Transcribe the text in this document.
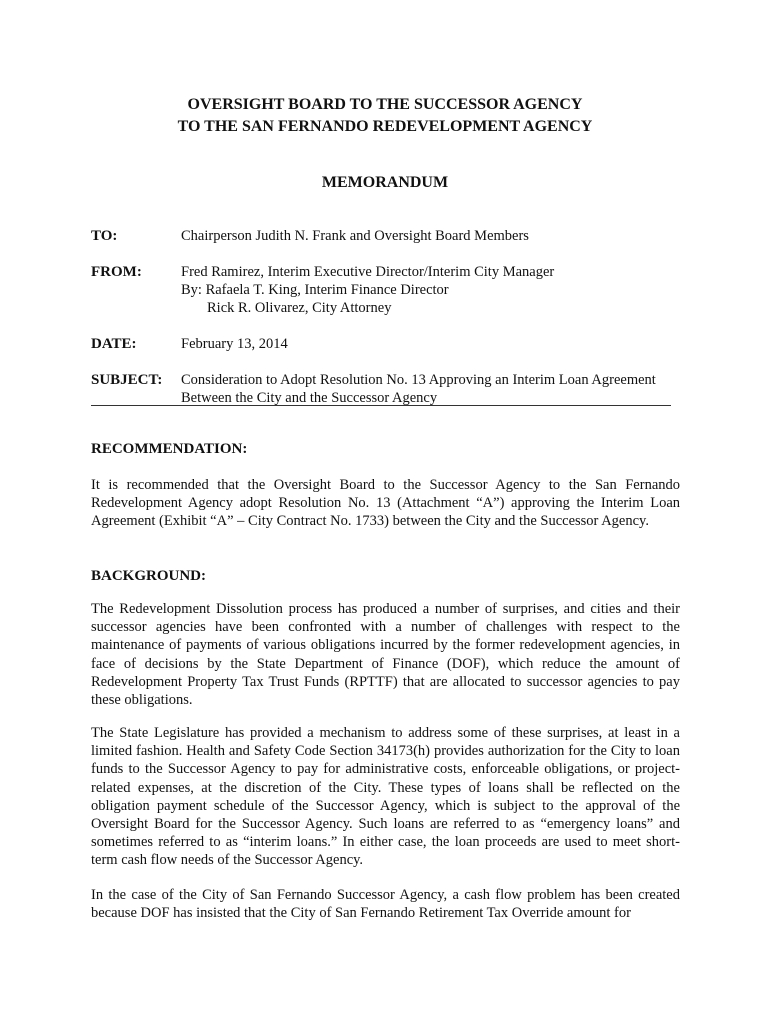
OVERSIGHT BOARD TO THE SUCCESSOR AGENCY
TO THE SAN FERNANDO REDEVELOPMENT AGENCY
MEMORANDUM
TO:	Chairperson Judith N. Frank and Oversight Board Members
FROM:	Fred Ramirez, Interim Executive Director/Interim City Manager
By: Rafaela T. King, Interim Finance Director
Rick R. Olivarez, City Attorney
DATE:	February 13, 2014
SUBJECT: Consideration to Adopt Resolution No. 13 Approving an Interim Loan Agreement
Between the City and the Successor Agency
RECOMMENDATION:
It is recommended that the Oversight Board to the Successor Agency to the San Fernando Redevelopment Agency adopt Resolution No. 13 (Attachment “A”) approving the Interim Loan Agreement (Exhibit “A” – City Contract No. 1733) between the City and the Successor Agency.
BACKGROUND:
The Redevelopment Dissolution process has produced a number of surprises, and cities and their successor agencies have been confronted with a number of challenges with respect to the maintenance of payments of various obligations incurred by the former redevelopment agencies, in face of decisions by the State Department of Finance (DOF), which reduce the amount of Redevelopment Property Tax Trust Funds (RPTTF) that are allocated to successor agencies to pay these obligations.
The State Legislature has provided a mechanism to address some of these surprises, at least in a limited fashion. Health and Safety Code Section 34173(h) provides authorization for the City to loan funds to the Successor Agency to pay for administrative costs, enforceable obligations, or project-related expenses, at the discretion of the City. These types of loans shall be reflected on the obligation payment schedule of the Successor Agency, which is subject to the approval of the Oversight Board for the Successor Agency. Such loans are referred to as “emergency loans” and sometimes referred to as “interim loans.” In either case, the loan proceeds are used to meet short-term cash flow needs of the Successor Agency.
In the case of the City of San Fernando Successor Agency, a cash flow problem has been created because DOF has insisted that the City of San Fernando Retirement Tax Override amount for
